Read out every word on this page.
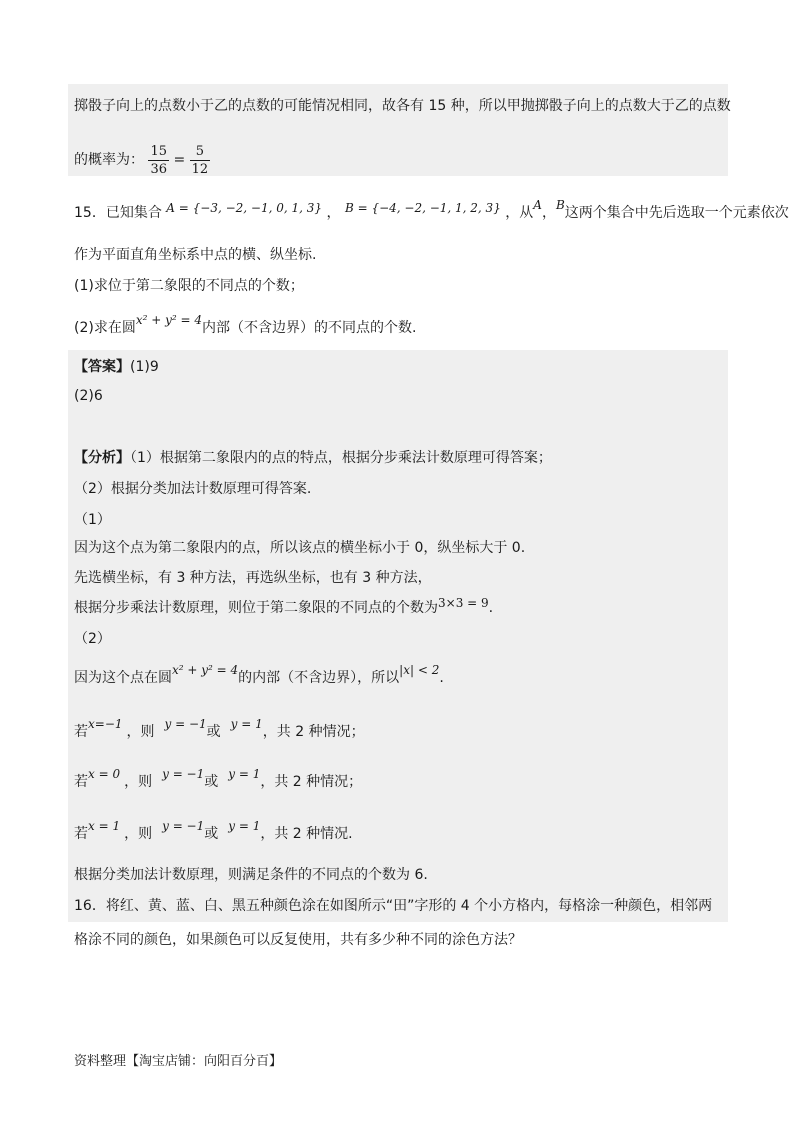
掷骰子向上的点数小于乙的点数的可能情况相同，故各有 15 种，所以甲抛掷骰子向上的点数大于乙的点数
的概率为： $\frac{15}{36} = \frac{5}{12}$
15．已知集合 A = {−3, −2, −1, 0, 1, 3} ， B = {−4, −2, −1, 1, 2, 3} ，从A，B这两个集合中先后选取一个元素依次
作为平面直角坐标系中点的横、纵坐标.
(1)求位于第二象限的不同点的个数；
(2)求在圆x² + y² = 4内部（不含边界）的不同点的个数.
【答案】(1)9
(2)6
【分析】（1）根据第二象限内的点的特点，根据分步乘法计数原理可得答案；
（2）根据分类加法计数原理可得答案.
（1）
因为这个点为第二象限内的点，所以该点的横坐标小于 0，纵坐标大于 0.
先选横坐标，有 3 种方法，再选纵坐标，也有 3 种方法，
根据分步乘法计数原理，则位于第二象限的不同点的个数为3×3 = 9.
（2）
因为这个点在圆x² + y² = 4的内部（不含边界），所以|x| < 2.
若x=−1 ，则 y = −1或 y = 1，共 2 种情况；
若x = 0 ，则 y = −1或 y = 1，共 2 种情况；
若x = 1 ，则 y = −1或 y = 1，共 2 种情况.
根据分类加法计数原理，则满足条件的不同点的个数为 6.
16．将红、黄、蓝、白、黑五种颜色涂在如图所示“田”字形的 4 个小方格内，每格涂一种颜色，相邻两
格涂不同的颜色，如果颜色可以反复使用，共有多少种不同的涂色方法？
资料整理【淘宝店铺：向阳百分百】
